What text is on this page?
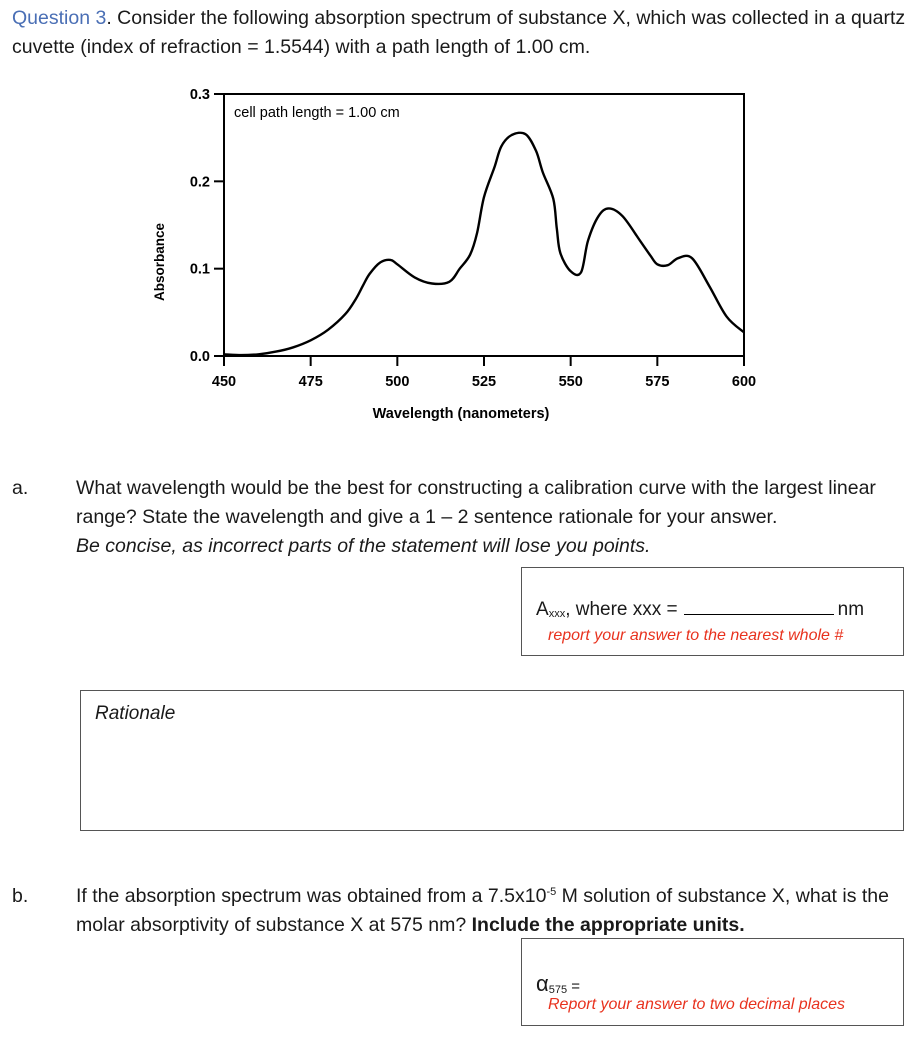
Question 3. Consider the following absorption spectrum of substance X, which was collected in a quartz cuvette (index of refraction = 1.5544) with a path length of 1.00 cm.
450	475	500	525	550	575	600
0.0
0.1
0.2
0.3
cell path length = 1.00 cm
Wavelength (nanometers)
Absorbance
a. What wavelength would be the best for constructing a calibration curve with the largest linear range? State the wavelength and give a 1 – 2 sentence rationale for your answer.
Be concise, as incorrect parts of the statement will lose you points.
Axxx, where xxx =	nm
report your answer to the nearest whole #
Rationale
b. If the absorption spectrum was obtained from a $7.5x10^{-5}$ M solution of substance X, what is the molar absorptivity of substance X at 575 nm? Include the appropriate units.
α575 =
Report your answer to two decimal places
